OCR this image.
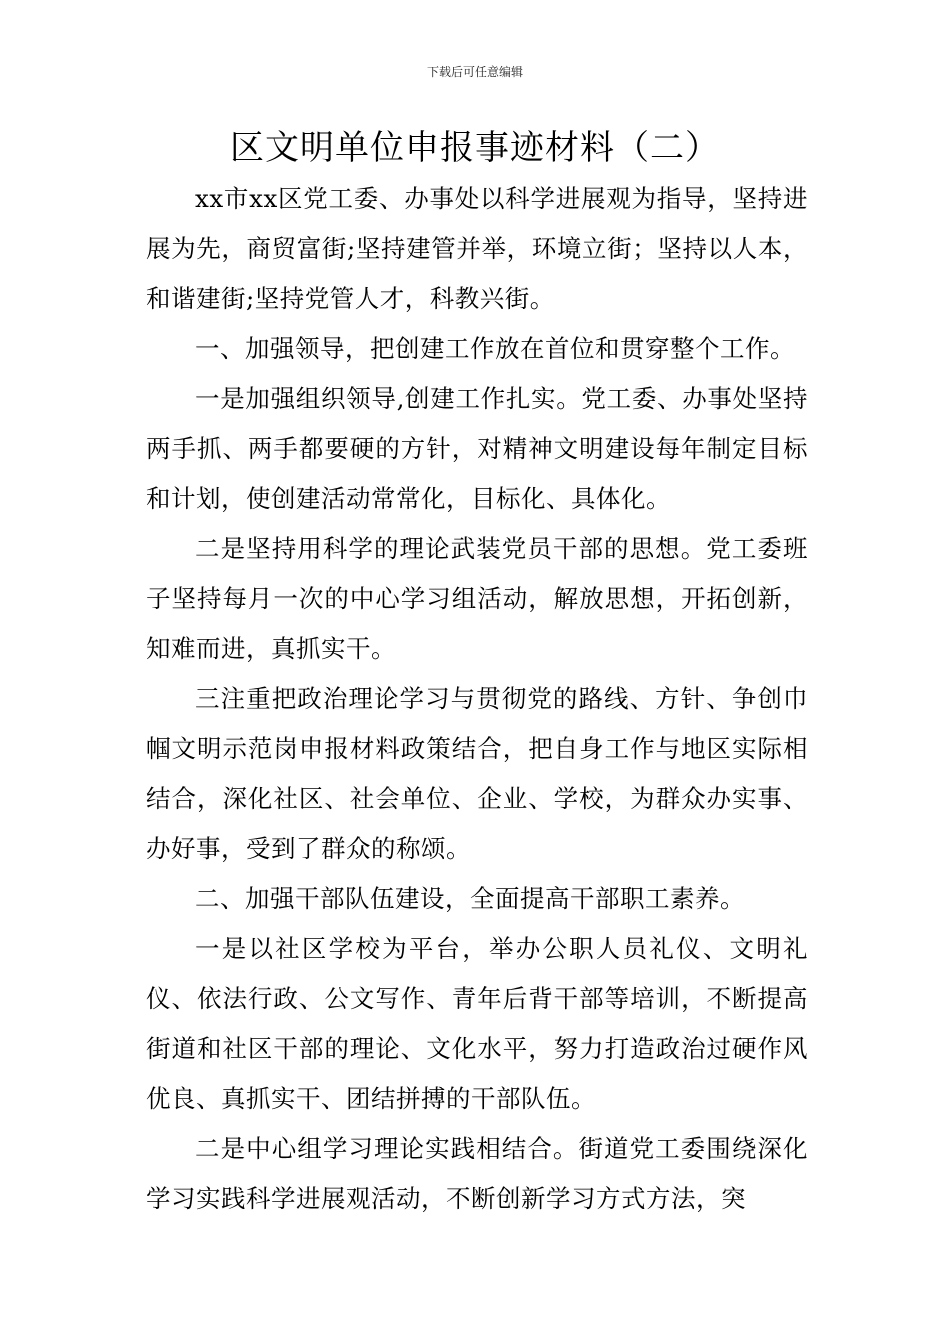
下载后可任意编辑
区文明单位申报事迹材料（二）

xx市xx区党工委、办事处以科学进展观为指导，坚持进展为先，商贸富街;坚持建管并举，环境立街；坚持以人本，和谐建街;坚持党管人才，科教兴街。

一、加强领导，把创建工作放在首位和贯穿整个工作。

一是加强组织领导,创建工作扎实。党工委、办事处坚持两手抓、两手都要硬的方针，对精神文明建设每年制定目标和计划，使创建活动常常化，目标化、具体化。

二是坚持用科学的理论武装党员干部的思想。党工委班子坚持每月一次的中心学习组活动，解放思想，开拓创新，知难而进，真抓实干。

三注重把政治理论学习与贯彻党的路线、方针、争创巾帼文明示范岗申报材料政策结合，把自身工作与地区实际相结合，深化社区、社会单位、企业、学校，为群众办实事、办好事，受到了群众的称颂。

二、加强干部队伍建设，全面提高干部职工素养。

一是以社区学校为平台，举办公职人员礼仪、文明礼仪、依法行政、公文写作、青年后背干部等培训，不断提高街道和社区干部的理论、文化水平，努力打造政治过硬作风优良、真抓实干、团结拼搏的干部队伍。

二是中心组学习理论实践相结合。街道党工委围绕深化学习实践科学进展观活动，不断创新学习方式方法，突
